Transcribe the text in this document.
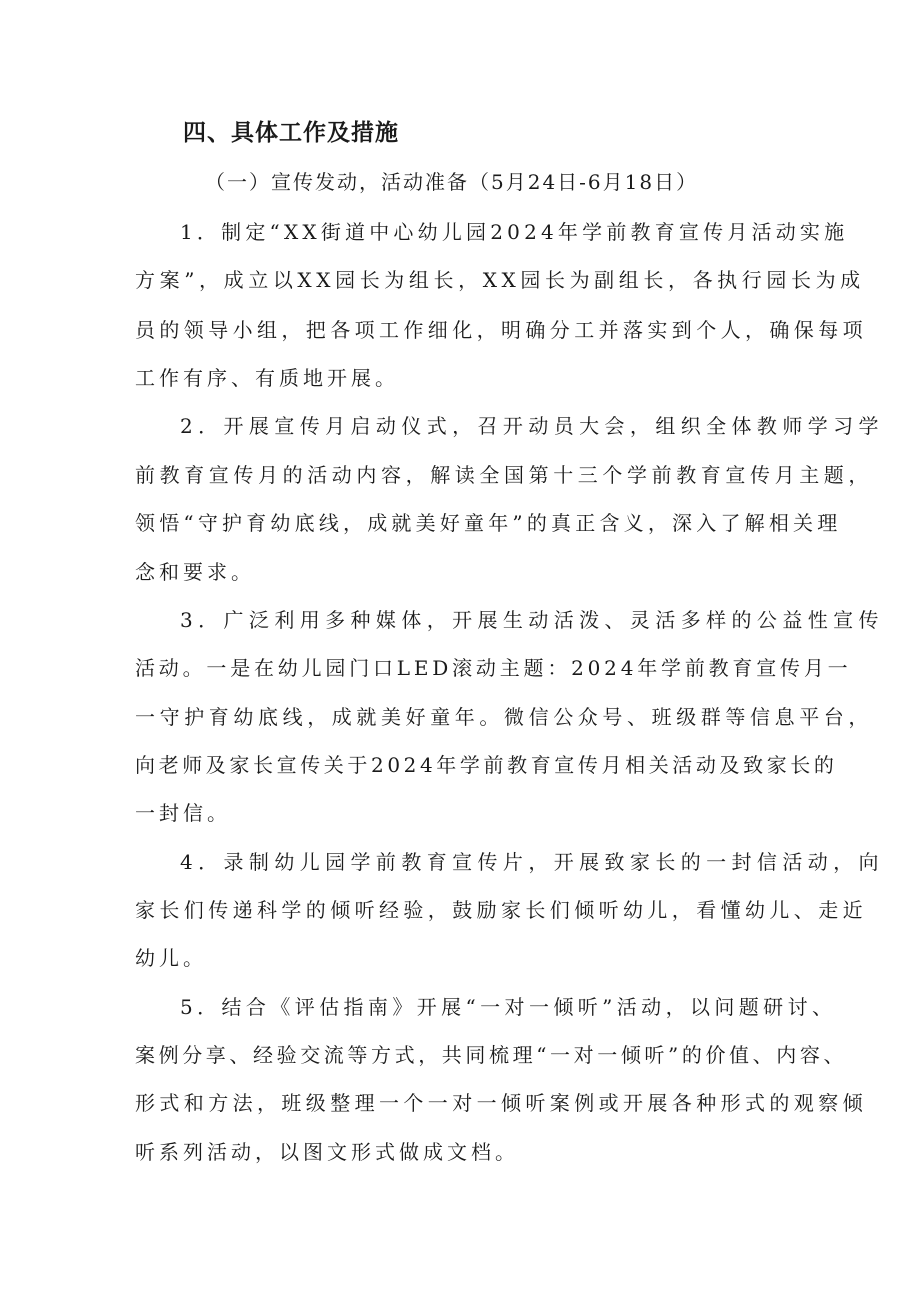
四、具体工作及措施
（一）宣传发动，活动准备（5月24日-6月18日）
1．制定“XX街道中心幼儿园2024年学前教育宣传月活动实施
方案”，成立以XX园长为组长，XX园长为副组长，各执行园长为成
员的领导小组，把各项工作细化，明确分工并落实到个人，确保每项
工作有序、有质地开展。
2．开展宣传月启动仪式，召开动员大会，组织全体教师学习学
前教育宣传月的活动内容，解读全国第十三个学前教育宣传月主题，
领悟“守护育幼底线，成就美好童年”的真正含义，深入了解相关理
念和要求。
3．广泛利用多种媒体，开展生动活泼、灵活多样的公益性宣传
活动。一是在幼儿园门口LED滚动主题：2024年学前教育宣传月一
一守护育幼底线，成就美好童年。微信公众号、班级群等信息平台，
向老师及家长宣传关于2024年学前教育宣传月相关活动及致家长的
一封信。
4．录制幼儿园学前教育宣传片，开展致家长的一封信活动，向
家长们传递科学的倾听经验，鼓励家长们倾听幼儿，看懂幼儿、走近
幼儿。
5．结合《评估指南》开展“一对一倾听”活动，以问题研讨、
案例分享、经验交流等方式，共同梳理“一对一倾听”的价值、内容、
形式和方法，班级整理一个一对一倾听案例或开展各种形式的观察倾
听系列活动，以图文形式做成文档。
